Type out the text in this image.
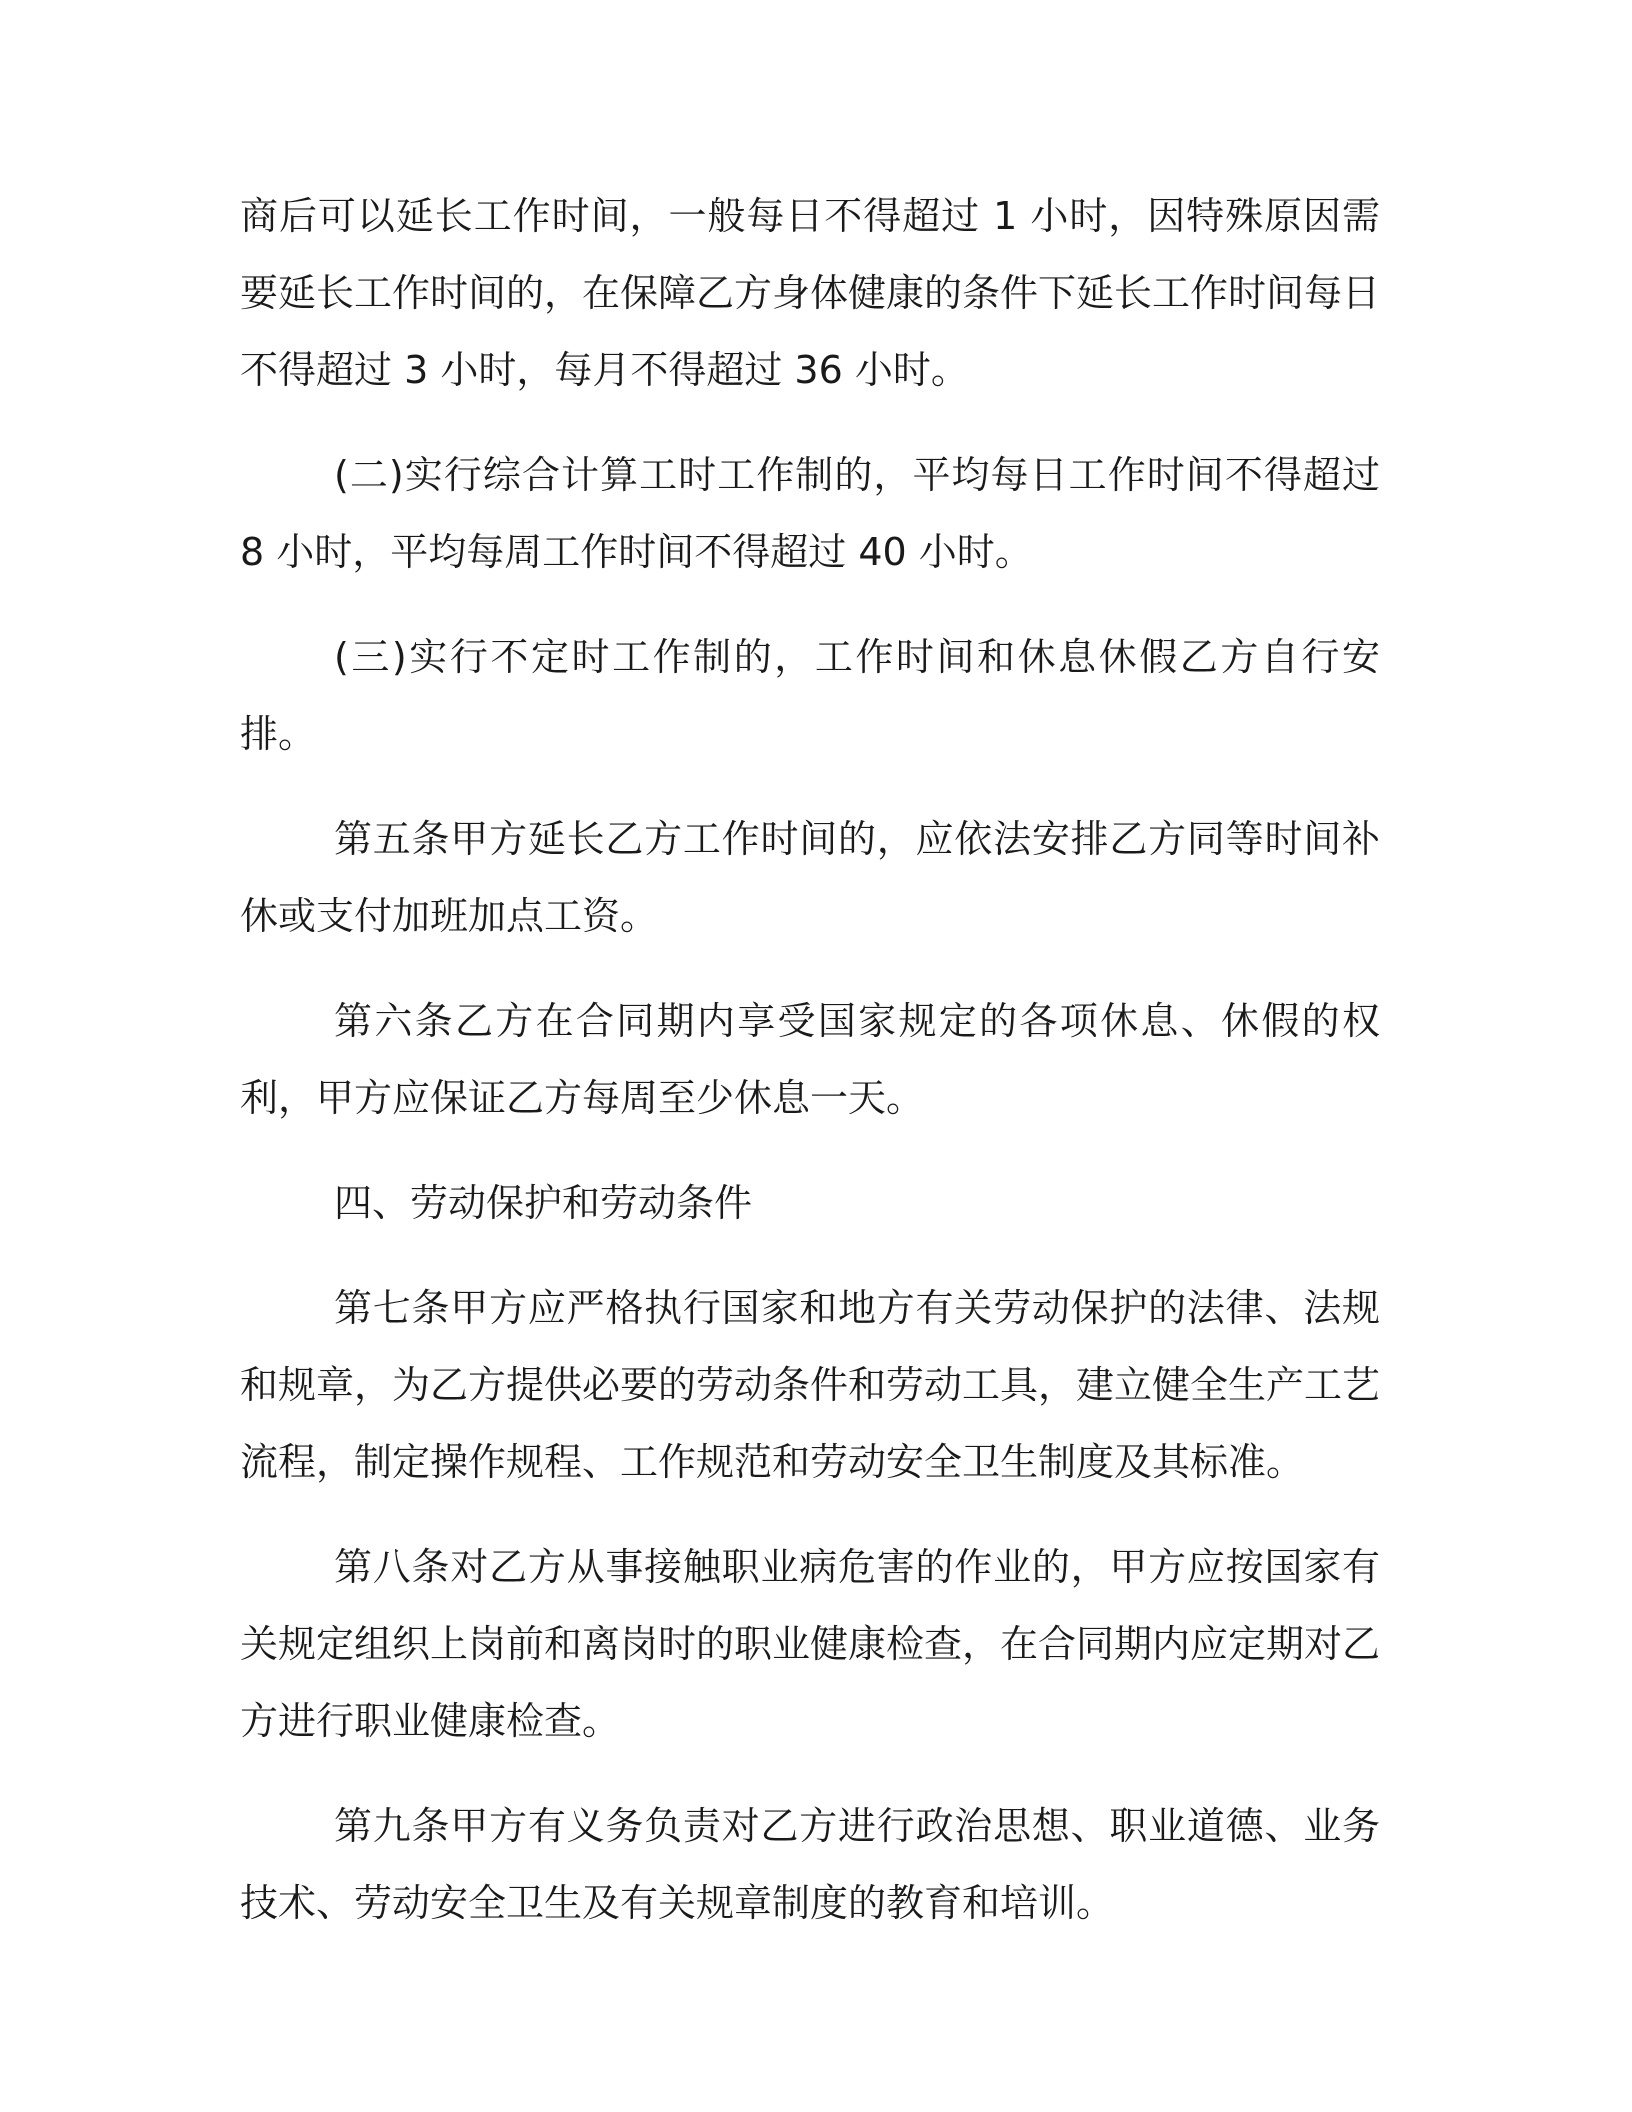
商后可以延长工作时间，一般每日不得超过 1 小时，因特殊原因需要延长工作时间的，在保障乙方身体健康的条件下延长工作时间每日不得超过 3 小时，每月不得超过 36 小时。

(二)实行综合计算工时工作制的，平均每日工作时间不得超过 8 小时，平均每周工作时间不得超过 40 小时。

(三)实行不定时工作制的，工作时间和休息休假乙方自行安排。

第五条甲方延长乙方工作时间的，应依法安排乙方同等时间补休或支付加班加点工资。

第六条乙方在合同期内享受国家规定的各项休息、休假的权利，甲方应保证乙方每周至少休息一天。

四、劳动保护和劳动条件

第七条甲方应严格执行国家和地方有关劳动保护的法律、法规和规章，为乙方提供必要的劳动条件和劳动工具，建立健全生产工艺流程，制定操作规程、工作规范和劳动安全卫生制度及其标准。

第八条对乙方从事接触职业病危害的作业的，甲方应按国家有关规定组织上岗前和离岗时的职业健康检查，在合同期内应定期对乙方进行职业健康检查。

第九条甲方有义务负责对乙方进行政治思想、职业道德、业务技术、劳动安全卫生及有关规章制度的教育和培训。
